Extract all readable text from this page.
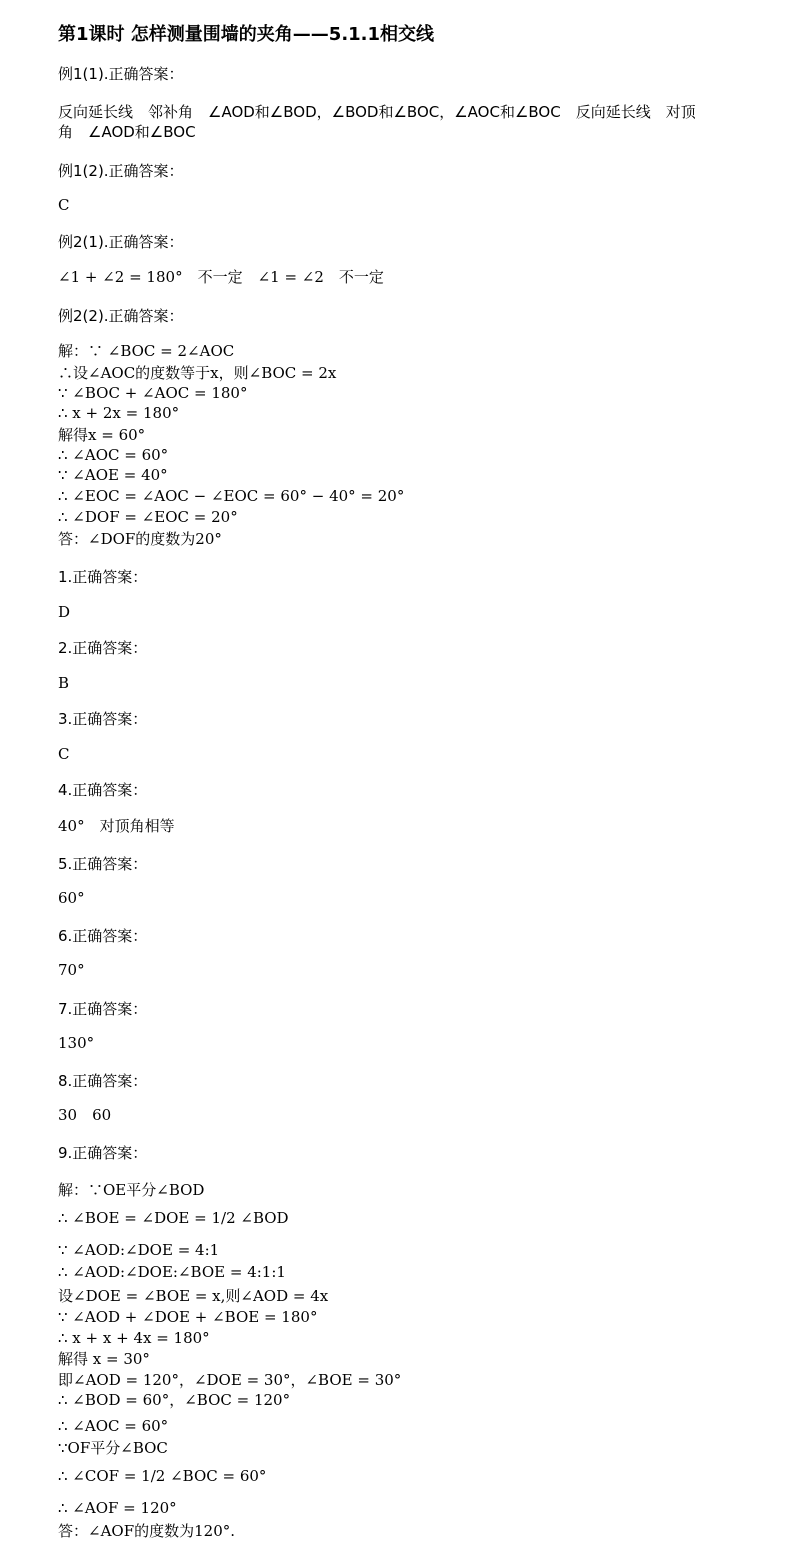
第1课时 怎样测量围墙的夹角——5.1.1相交线
例1(1).正确答案：
反向延长线　邻补角　∠AOD和∠BOD，∠BOD和∠BOC，∠AOC和∠BOC　反向延长线　对顶
角　∠AOD和∠BOC
例1(2).正确答案：
C
例2(1).正确答案：
∠1 + ∠2 = 180°　不一定　∠1 = ∠2　不一定
例2(2).正确答案：
解：∵ ∠BOC = 2∠AOC
∴设∠AOC的度数等于x，则∠BOC = 2x
∵ ∠BOC + ∠AOC = 180°
∴ x + 2x = 180°
解得x = 60°
∴ ∠AOC = 60°
∵ ∠AOE = 40°
∴ ∠EOC = ∠AOC − ∠EOC = 60° − 40° = 20°
∴ ∠DOF = ∠EOC = 20°
答：∠DOF的度数为20°
1.正确答案：
D
2.正确答案：
B
3.正确答案：
C
4.正确答案：
40°　对顶角相等
5.正确答案：
60°
6.正确答案：
70°
7.正确答案：
130°
8.正确答案：
30　60
9.正确答案：
解：∵OE平分∠BOD
∴ ∠BOE = ∠DOE = 1/2 ∠BOD
∵ ∠AOD:∠DOE = 4:1
∴ ∠AOD:∠DOE:∠BOE = 4:1:1
设∠DOE = ∠BOE = x,则∠AOD = 4x
∵ ∠AOD + ∠DOE + ∠BOE = 180°
∴ x + x + 4x = 180°
解得 x = 30°
即∠AOD = 120°，∠DOE = 30°，∠BOE = 30°
∴ ∠BOD = 60°，∠BOC = 120°
∴ ∠AOC = 60°
∵OF平分∠BOC
∴ ∠COF = 1/2 ∠BOC = 60°
∴ ∠AOF = 120°
答：∠AOF的度数为120°.
